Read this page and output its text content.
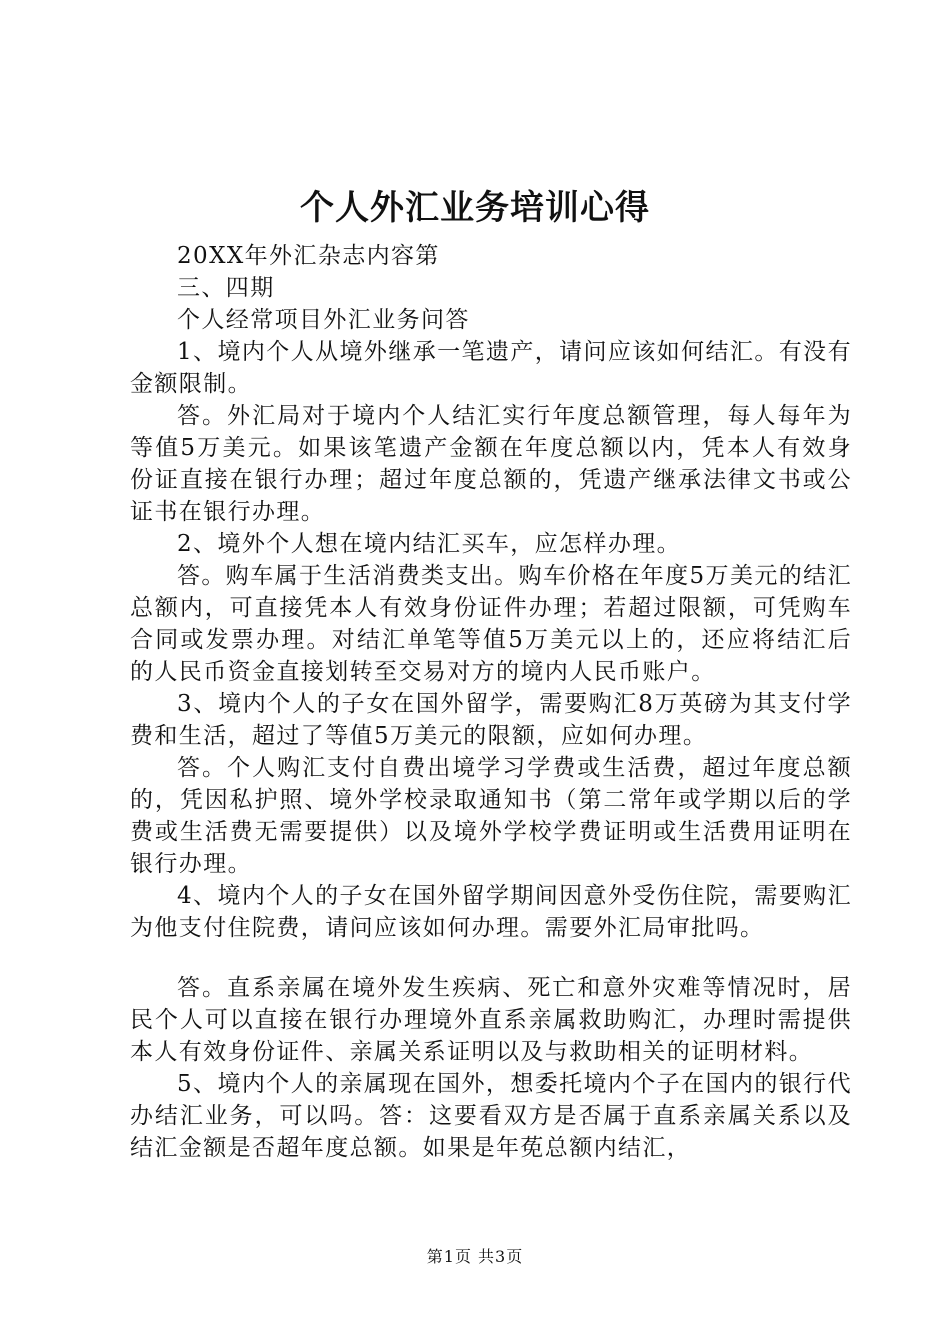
个人外汇业务培训心得

20XX年外汇杂志内容第

三、四期

个人经常项目外汇业务问答

1、境内个人从境外继承一笔遗产，请问应该如何结汇。有没有金额限制。

答。外汇局对于境内个人结汇实行年度总额管理，每人每年为等值5万美元。如果该笔遗产金额在年度总额以内，凭本人有效身份证直接在银行办理；超过年度总额的，凭遗产继承法律文书或公证书在银行办理。

2、境外个人想在境内结汇买车，应怎样办理。

答。购车属于生活消费类支出。购车价格在年度5万美元的结汇总额内，可直接凭本人有效身份证件办理；若超过限额，可凭购车合同或发票办理。对结汇单笔等值5万美元以上的，还应将结汇后的人民币资金直接划转至交易对方的境内人民币账户。

3、境内个人的子女在国外留学，需要购汇8万英磅为其支付学费和生活，超过了等值5万美元的限额，应如何办理。

答。个人购汇支付自费出境学习学费或生活费，超过年度总额的，凭因私护照、境外学校录取通知书（第二常年或学期以后的学费或生活费无需要提供）以及境外学校学费证明或生活费用证明在银行办理。

4、境内个人的子女在国外留学期间因意外受伤住院，需要购汇为他支付住院费，请问应该如何办理。需要外汇局审批吗。

答。直系亲属在境外发生疾病、死亡和意外灾难等情况时，居民个人可以直接在银行办理境外直系亲属救助购汇，办理时需提供本人有效身份证件、亲属关系证明以及与救助相关的证明材料。

5、境内个人的亲属现在国外，想委托境内个子在国内的银行代办结汇业务，可以吗。答：这要看双方是否属于直系亲属关系以及结汇金额是否超年度总额。如果是年莬总额内结汇，

第1页 共3页
